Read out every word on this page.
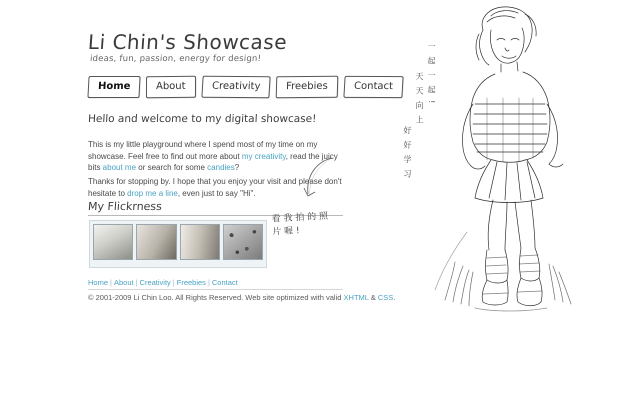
Li Chin's Showcase
ideas, fun, passion, energy for design!
Home	About	Creativity	Freebies	Contact
Hello and welcome to my digital showcase!

This is my little playground where I spend most of my time on my showcase. Feel free to find out more about my creativity, read the juicy bits about me or search for some candies?

Thanks for stopping by. I hope that you enjoy your visit and please don't hesitate to drop me a line, even just to say "Hi".

My Flickrness
看 我 拍 的 照 片 喔 !
Home | About | Creativity | Freebies | Contact
© 2001-2009 Li Chin Loo. All Rights Reserved. Web site optimized with valid XHTML & CSS.
一 起 一 起 !
天 天 向 上
好 好 学 习
